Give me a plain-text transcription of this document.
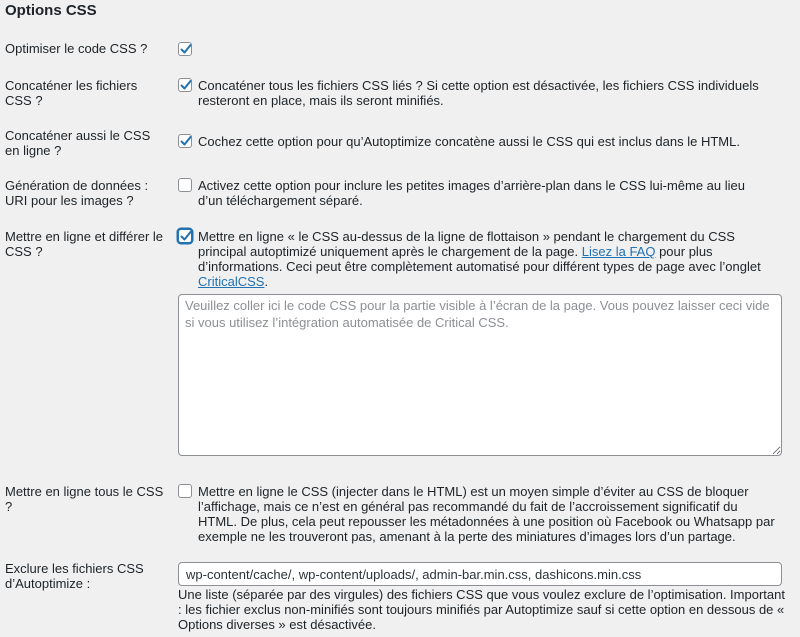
Options CSS
Optimiser le code CSS ?
Concaténer les fichiers CSS ?
Concaténer tous les fichiers CSS liés ? Si cette option est désactivée, les fichiers CSS individuels resteront en place, mais ils seront minifiés.
Concaténer aussi le CSS en ligne ?
Cochez cette option pour qu’Autoptimize concatène aussi le CSS qui est inclus dans le HTML.
Génération de données : URI pour les images ?
Activez cette option pour inclure les petites images d’arrière-plan dans le CSS lui-même au lieu d’un téléchargement séparé.
Mettre en ligne et différer le CSS ?
Mettre en ligne « le CSS au-dessus de la ligne de flottaison » pendant le chargement du CSS principal autoptimizé uniquement après le chargement de la page. Lisez la FAQ pour plus d’informations. Ceci peut être complètement automatisé pour différent types de page avec l’onglet CriticalCSS.
Veuillez coller ici le code CSS pour la partie visible à l’écran de la page. Vous pouvez laisser ceci vide si vous utilisez l’intégration automatisée de Critical CSS.
Mettre en ligne tous le CSS ?
Mettre en ligne le CSS (injecter dans le HTML) est un moyen simple d’éviter au CSS de bloquer l’affichage, mais ce n’est en général pas recommandé du fait de l’accroissement significatif du HTML. De plus, cela peut repousser les métadonnées à une position où Facebook ou Whatsapp par exemple ne les trouveront pas, amenant à la perte des miniatures d’images lors d’un partage.
Exclure les fichiers CSS d’Autoptimize :
wp-content/cache/, wp-content/uploads/, admin-bar.min.css, dashicons.min.css
Une liste (séparée par des virgules) des fichiers CSS que vous voulez exclure de l’optimisation. Important : les fichier exclus non-minifiés sont toujours minifiés par Autoptimize sauf si cette option en dessous de « Options diverses » est désactivée.
